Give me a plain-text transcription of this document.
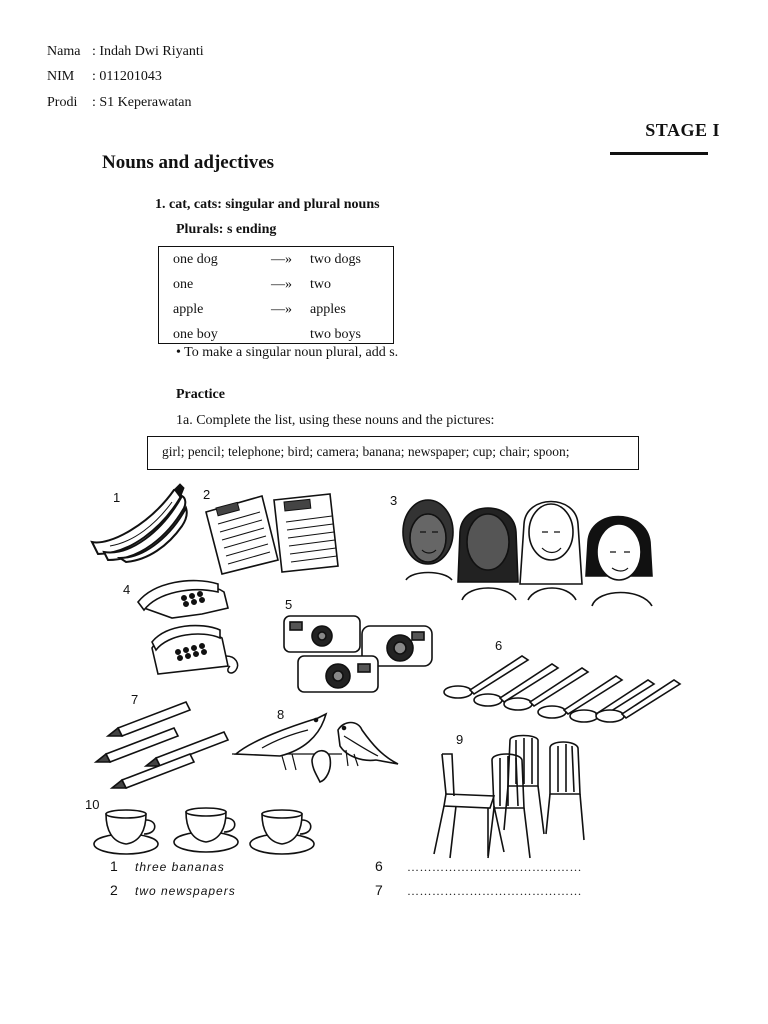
Nama : Indah Dwi Riyanti
NIM : 011201043
Prodi : S1 Keperawatan
STAGE I
Nouns and adjectives
1. cat, cats: singular and plural nouns
Plurals: s ending
one dog	—» two dogs
one	—» two
apple	—» apples
one boy	two boys
• To make a singular noun plural, add s.
Practice
1a. Complete the list, using these nouns and the pictures:
girl; pencil; telephone; bird; camera; banana; newspaper; cup; chair; spoon;
1	2	3
4
5
6
7
8
9
10
1 three bananas
2 two newspapers
6 ……………………………………
7 ……………………………………
